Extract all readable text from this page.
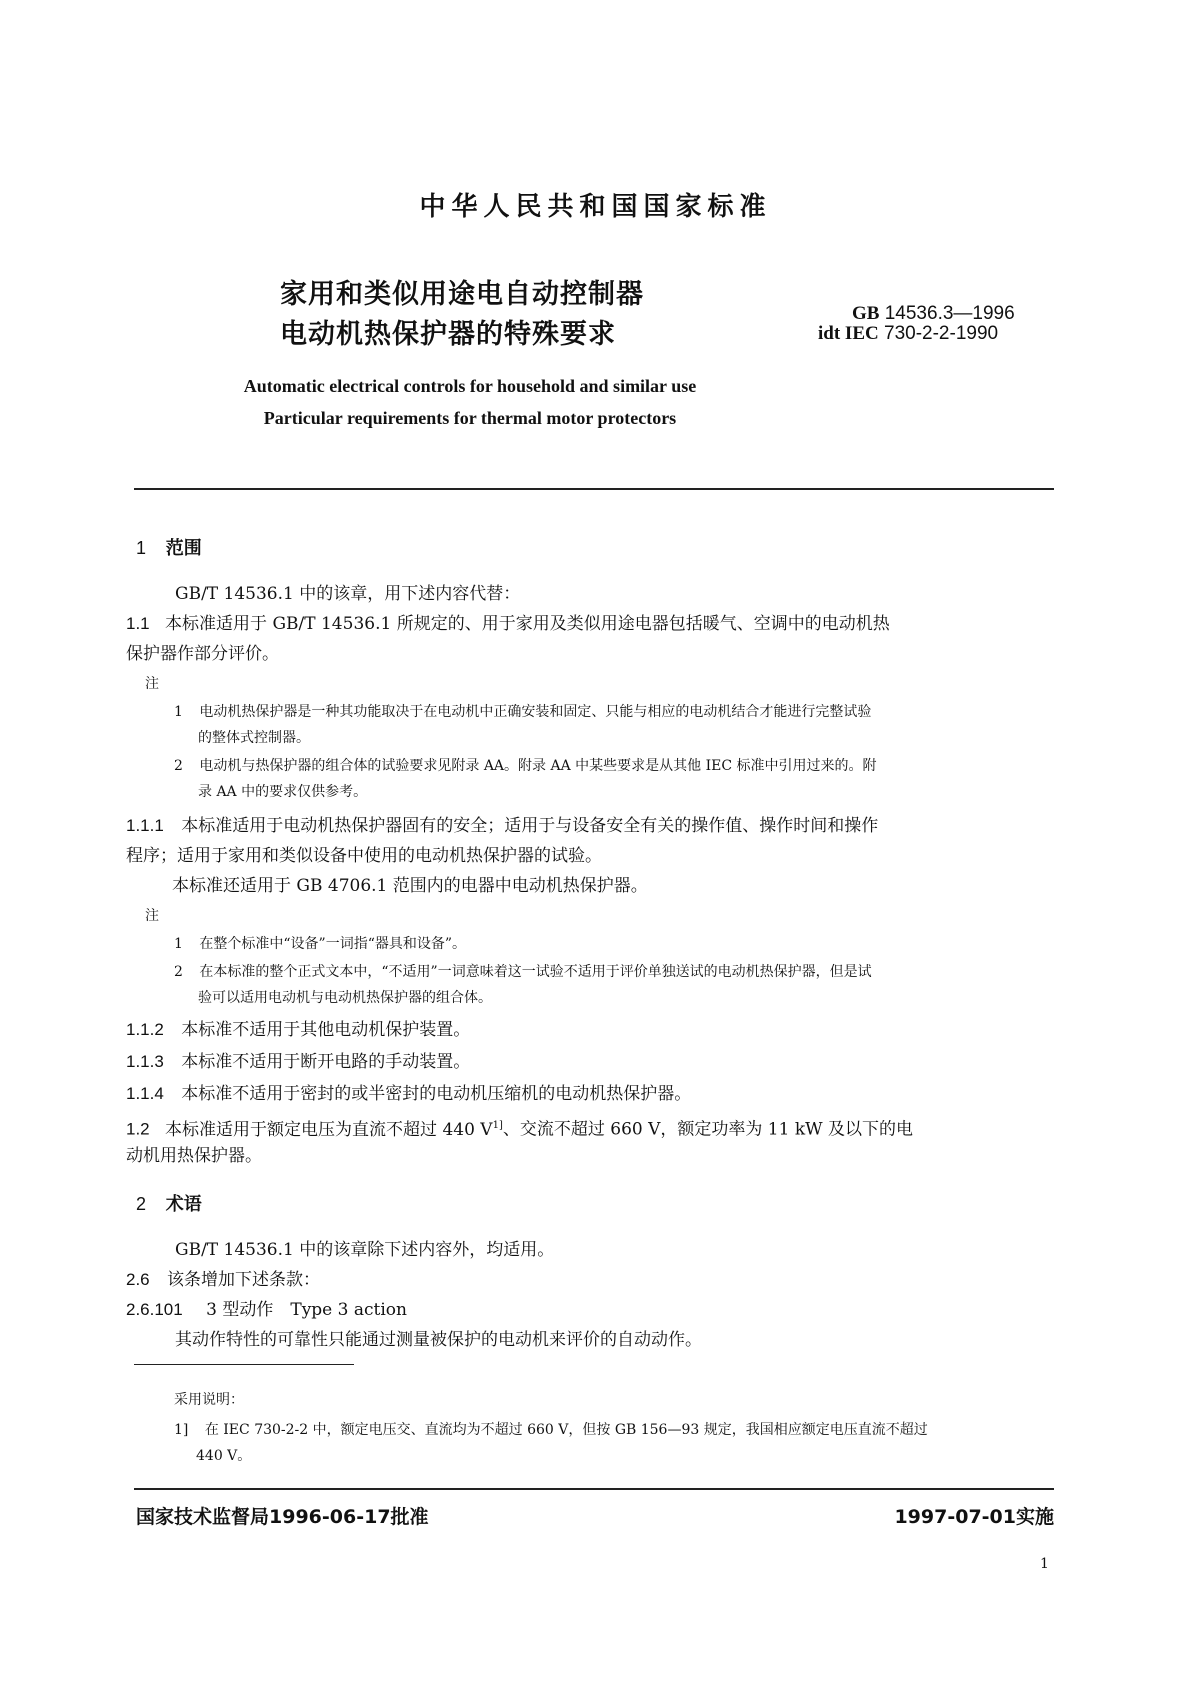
中华人民共和国国家标准
家用和类似用途电自动控制器
电动机热保护器的特殊要求
GB 14536.3—1996
idt IEC 730-2-2-1990
Automatic electrical controls for household and similar use
Particular requirements for thermal motor protectors
1 范围
GB/T 14536.1 中的该章，用下述内容代替：
1.1 本标准适用于 GB/T 14536.1 所规定的、用于家用及类似用途电器包括暖气、空调中的电动机热
保护器作部分评价。
注
1 电动机热保护器是一种其功能取决于在电动机中正确安装和固定、只能与相应的电动机结合才能进行完整试验
的整体式控制器。
2 电动机与热保护器的组合体的试验要求见附录 AA。附录 AA 中某些要求是从其他 IEC 标准中引用过来的。附
录 AA 中的要求仅供参考。
1.1.1 本标准适用于电动机热保护器固有的安全；适用于与设备安全有关的操作值、操作时间和操作
程序；适用于家用和类似设备中使用的电动机热保护器的试验。
本标准还适用于 GB 4706.1 范围内的电器中电动机热保护器。
注
1 在整个标准中“设备”一词指“器具和设备”。
2 在本标准的整个正式文本中，“不适用”一词意味着这一试验不适用于评价单独送试的电动机热保护器，但是试
验可以适用电动机与电动机热保护器的组合体。
1.1.2 本标准不适用于其他电动机保护装置。
1.1.3 本标准不适用于断开电路的手动装置。
1.1.4 本标准不适用于密封的或半密封的电动机压缩机的电动机热保护器。
1.2 本标准适用于额定电压为直流不超过 440 $V^{1]}$、交流不超过 660 V，额定功率为 11 kW 及以下的电
动机用热保护器。
2 术语
GB/T 14536.1 中的该章除下述内容外，均适用。
2.6 该条增加下述条款：
2.6.101 3 型动作　Type 3 action
其动作特性的可靠性只能通过测量被保护的电动机来评价的自动动作。
采用说明：
1] 在 IEC 730-2-2 中，额定电压交、直流均为不超过 660 V，但按 GB 156—93 规定，我国相应额定电压直流不超过
440 V。
国家技术监督局1996-06-17批准	1997-07-01实施
1
